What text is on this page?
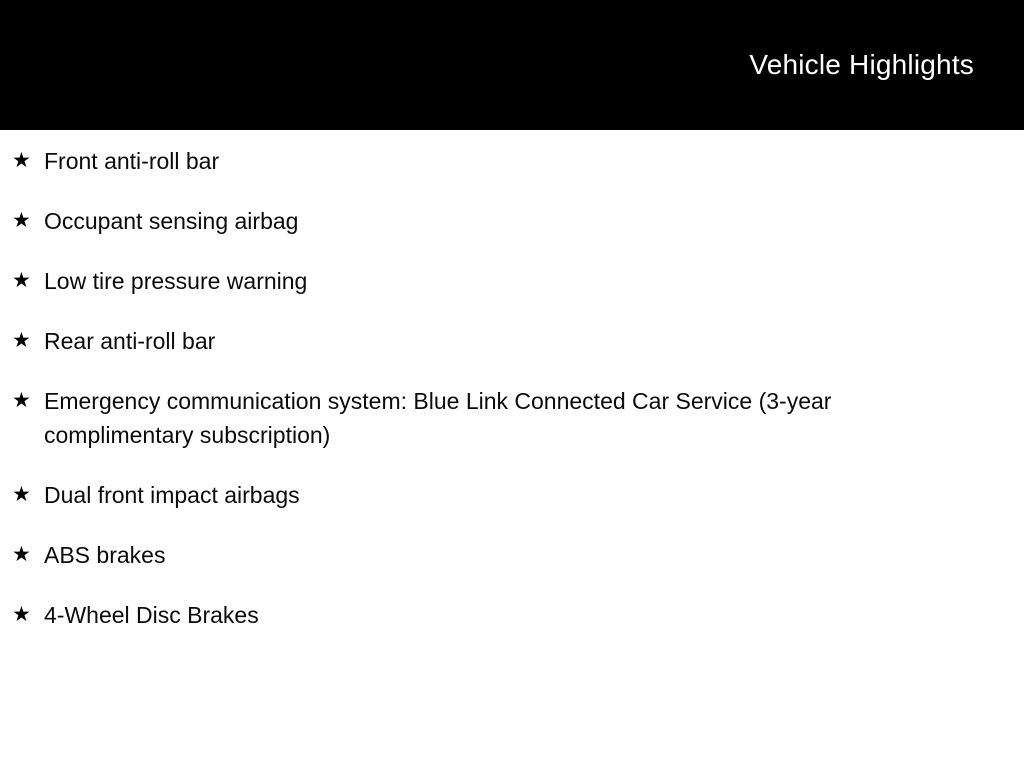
Vehicle Highlights
★ Front anti-roll bar
★ Occupant sensing airbag
★ Low tire pressure warning
★ Rear anti-roll bar
★ Emergency communication system: Blue Link Connected Car Service (3-year complimentary subscription)
★ Dual front impact airbags
★ ABS brakes
★ 4-Wheel Disc Brakes
